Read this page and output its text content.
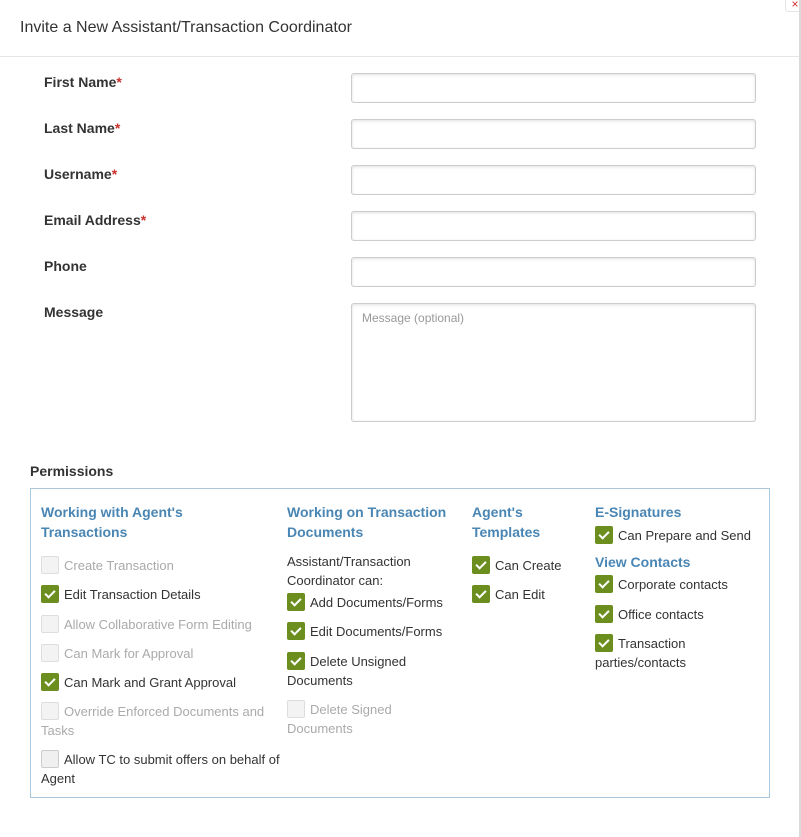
Invite a New Assistant/Transaction Coordinator
×
First Name*
Last Name*
Username*
Email Address*
Phone
Message
Message (optional)
Permissions
Working with Agent's Transactions
Create Transaction
Edit Transaction Details
Allow Collaborative Form Editing
Can Mark for Approval
Can Mark and Grant Approval
Override Enforced Documents and Tasks
Allow TC to submit offers on behalf of Agent
Working on Transaction Documents
Assistant/Transaction Coordinator can:
Add Documents/Forms
Edit Documents/Forms
Delete Unsigned Documents
Delete Signed Documents
Agent's Templates
Can Create
Can Edit
E-Signatures
Can Prepare and Send
View Contacts
Corporate contacts
Office contacts
Transaction parties/contacts
